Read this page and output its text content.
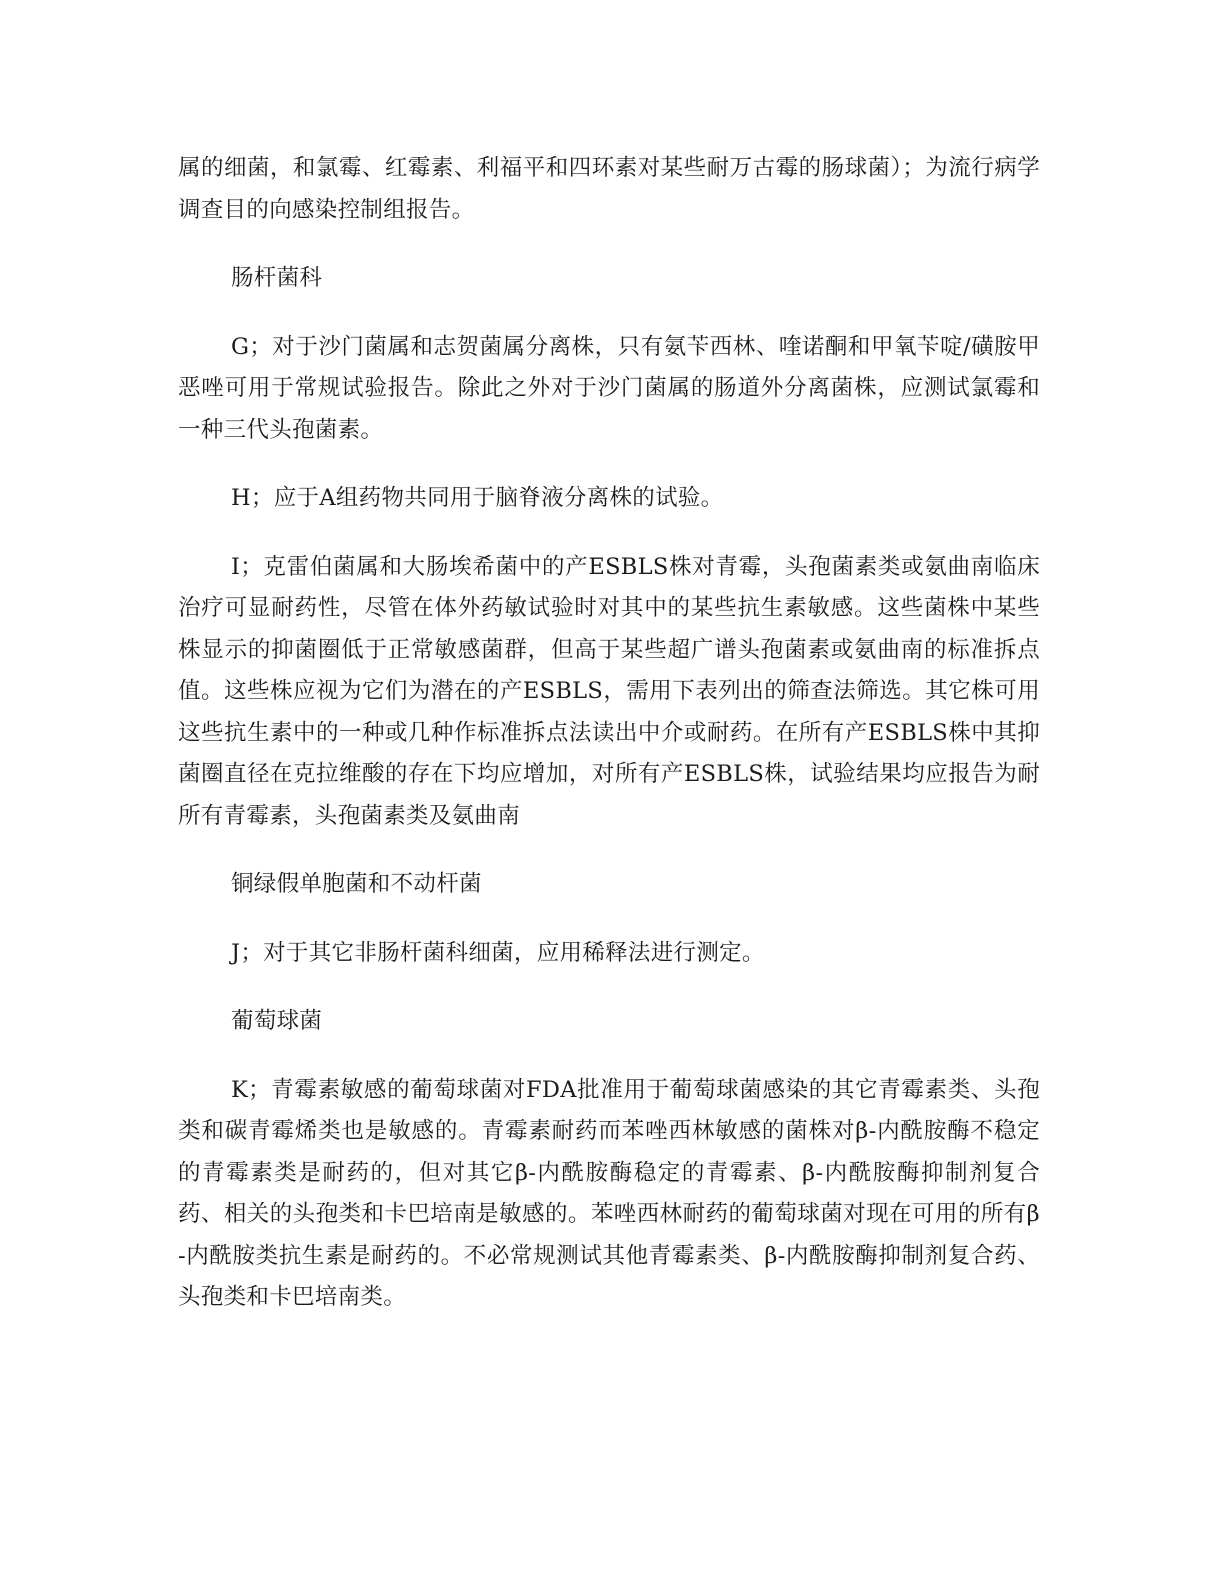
属的细菌，和氯霉、红霉素、利福平和四环素对某些耐万古霉的肠球菌）；为流行病学调查目的向感染控制组报告。

肠杆菌科

G；对于沙门菌属和志贺菌属分离株，只有氨苄西林、喹诺酮和甲氧苄啶/磺胺甲恶唑可用于常规试验报告。除此之外对于沙门菌属的肠道外分离菌株，应测试氯霉和一种三代头孢菌素。

H；应于A组药物共同用于脑脊液分离株的试验。

I；克雷伯菌属和大肠埃希菌中的产ESBLS株对青霉，头孢菌素类或氨曲南临床治疗可显耐药性，尽管在体外药敏试验时对其中的某些抗生素敏感。这些菌株中某些株显示的抑菌圈低于正常敏感菌群，但高于某些超广谱头孢菌素或氨曲南的标准拆点值。这些株应视为它们为潜在的产ESBLS，需用下表列出的筛查法筛选。其它株可用这些抗生素中的一种或几种作标准拆点法读出中介或耐药。在所有产ESBLS株中其抑菌圈直径在克拉维酸的存在下均应增加，对所有产ESBLS株，试验结果均应报告为耐所有青霉素，头孢菌素类及氨曲南

铜绿假单胞菌和不动杆菌

J；对于其它非肠杆菌科细菌，应用稀释法进行测定。

葡萄球菌

K；青霉素敏感的葡萄球菌对FDA批准用于葡萄球菌感染的其它青霉素类、头孢类和碳青霉烯类也是敏感的。青霉素耐药而苯唑西林敏感的菌株对β-内酰胺酶不稳定的青霉素类是耐药的，但对其它β-内酰胺酶稳定的青霉素、β-内酰胺酶抑制剂复合药、相关的头孢类和卡巴培南是敏感的。苯唑西林耐药的葡萄球菌对现在可用的所有β-内酰胺类抗生素是耐药的。不必常规测试其他青霉素类、β-内酰胺酶抑制剂复合药、头孢类和卡巴培南类。
